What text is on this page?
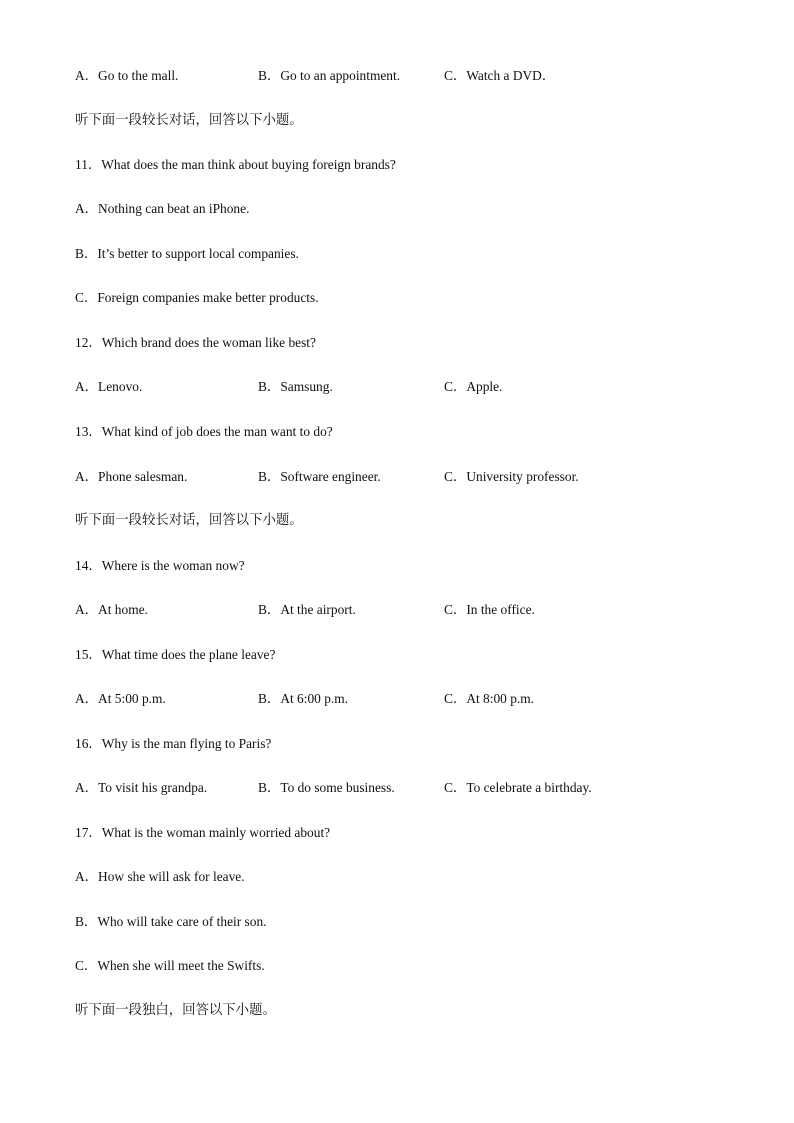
A．Go to the mall.	B．Go to an appointment.	C．Watch a DVD．

听下面一段较长对话，回答以下小题。

11．What does the man think about buying foreign brands?

A．Nothing can beat an iPhone.

B．It’s better to support local companies.

C．Foreign companies make better products.

12．Which brand does the woman like best?

A．Lenovo.	B．Samsung.	C．Apple.

13．What kind of job does the man want to do?

A．Phone salesman.	B．Software engineer.	C．University professor.

听下面一段较长对话，回答以下小题。

14．Where is the woman now?

A．At home.	B．At the airport.	C．In the office.

15．What time does the plane leave?

A．At 5:00 p.m.	B．At 6:00 p.m.	C．At 8:00 p.m.

16．Why is the man flying to Paris?

A．To visit his grandpa.	B．To do some business.	C．To celebrate a birthday.

17．What is the woman mainly worried about?

A．How she will ask for leave.

B．Who will take care of their son.

C．When she will meet the Swifts.

听下面一段独白，回答以下小题。
